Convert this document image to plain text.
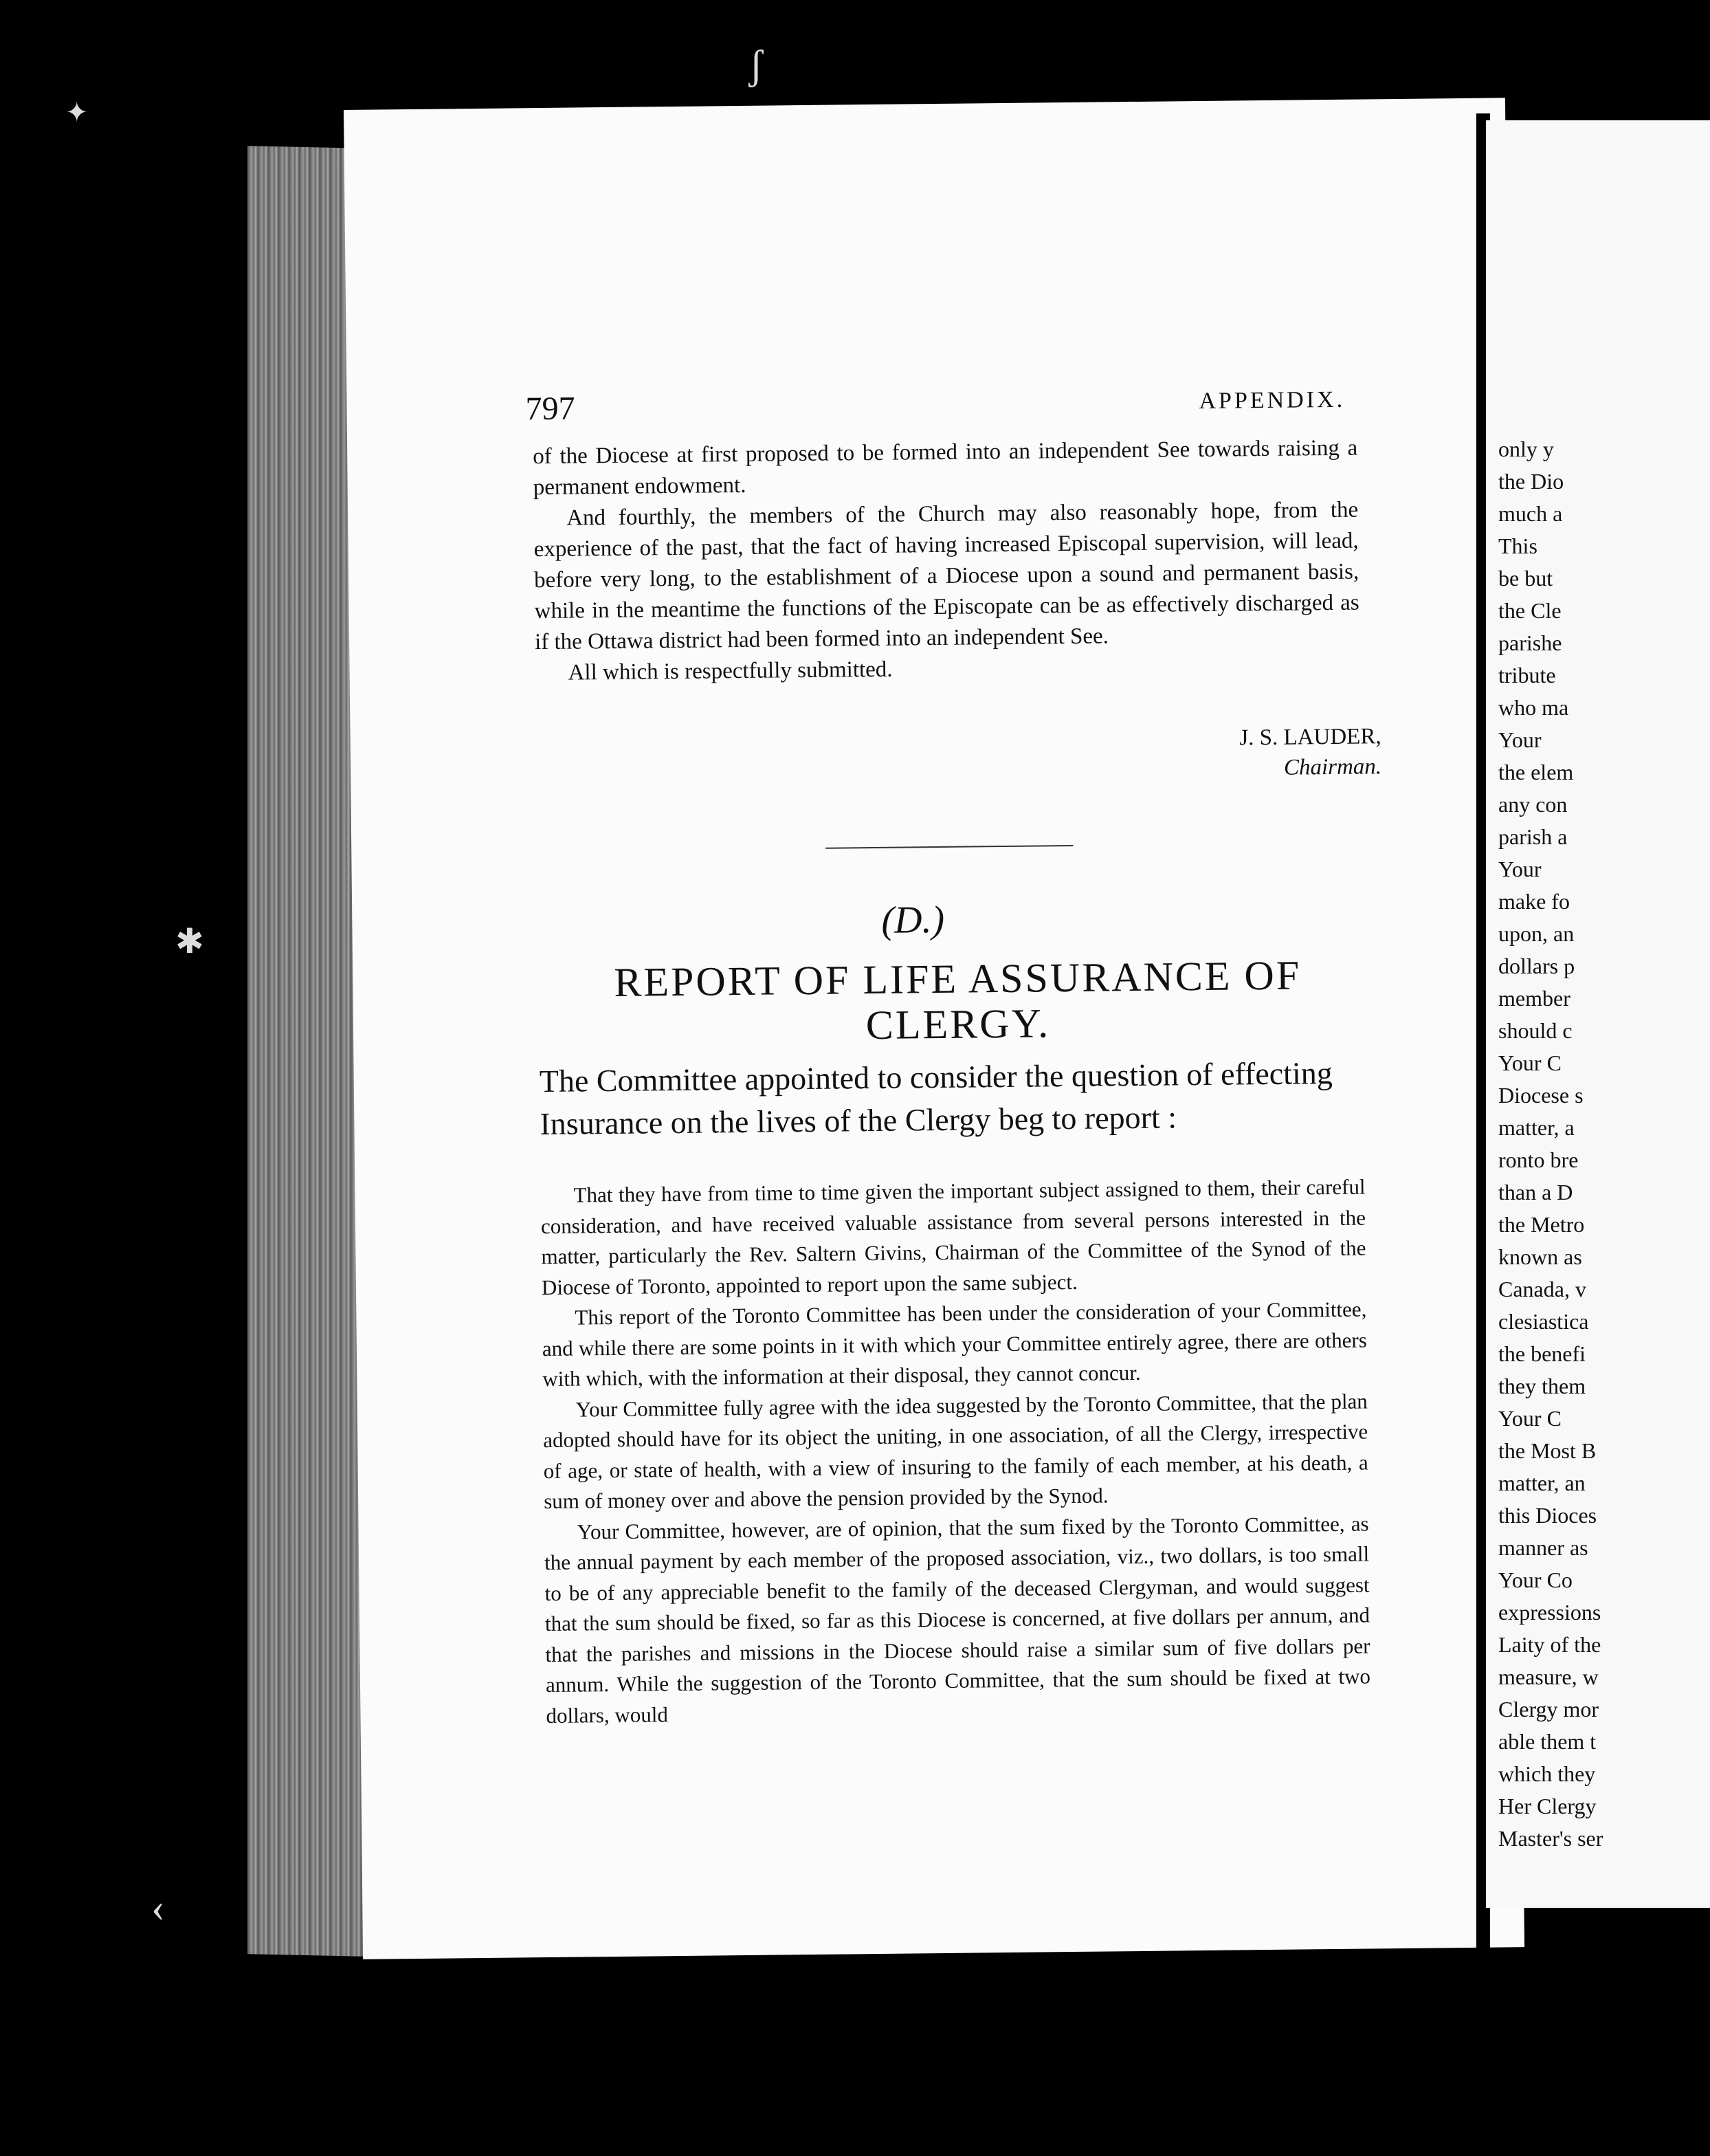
ʃ
✦
✱
‹
797	APPENDIX.

of the Diocese at first proposed to be formed into an independent See towards raising a permanent endowment.

And fourthly, the members of the Church may also reasonably hope, from the experience of the past, that the fact of having increased Episcopal supervision, will lead, before very long, to the establishment of a Diocese upon a sound and permanent basis, while in the meantime the functions of the Episcopate can be as effectively discharged as if the Ottawa district had been formed into an independent See.

All which is respectfully submitted.

J. S. LAUDER,
Chairman.
(D.)
REPORT OF LIFE ASSURANCE OF CLERGY.
The Committee appointed to consider the question of effecting Insurance on the lives of the Clergy beg to report :

That they have from time to time given the important subject assigned to them, their careful consideration, and have received valuable assistance from several persons interested in the matter, particularly the Rev. Saltern Givins, Chairman of the Committee of the Synod of the Diocese of Toronto, appointed to report upon the same subject.

This report of the Toronto Committee has been under the consideration of your Committee, and while there are some points in it with which your Committee entirely agree, there are others with which, with the information at their disposal, they cannot concur.

Your Committee fully agree with the idea suggested by the Toronto Committee, that the plan adopted should have for its object the uniting, in one association, of all the Clergy, irrespective of age, or state of health, with a view of insuring to the family of each member, at his death, a sum of money over and above the pension provided by the Synod.

Your Committee, however, are of opinion, that the sum fixed by the Toronto Committee, as the annual payment by each member of the proposed association, viz., two dollars, is too small to be of any appreciable benefit to the family of the deceased Clergyman, and would suggest that the sum should be fixed, so far as this Diocese is concerned, at five dollars per annum, and that the parishes and missions in the Diocese should raise a similar sum of five dollars per annum. While the suggestion of the Toronto Committee, that the sum should be fixed at two dollars, would

only y
the Dio
much a
This
be but
the Cle
parishe
tribute
who ma
Your
the elem
any con
parish a
Your
make fo
upon, an
dollars p
member
should c
Your C
Diocese s
matter, a
ronto bre
than a D
the Metro
known as
Canada, v
clesiastica
the benefi
they them
Your C
the Most B
matter, an
this Dioces
manner as
Your Co
expressions
Laity of the
measure, w
Clergy mor
able them t
which they
Her Clergy
Master's ser
